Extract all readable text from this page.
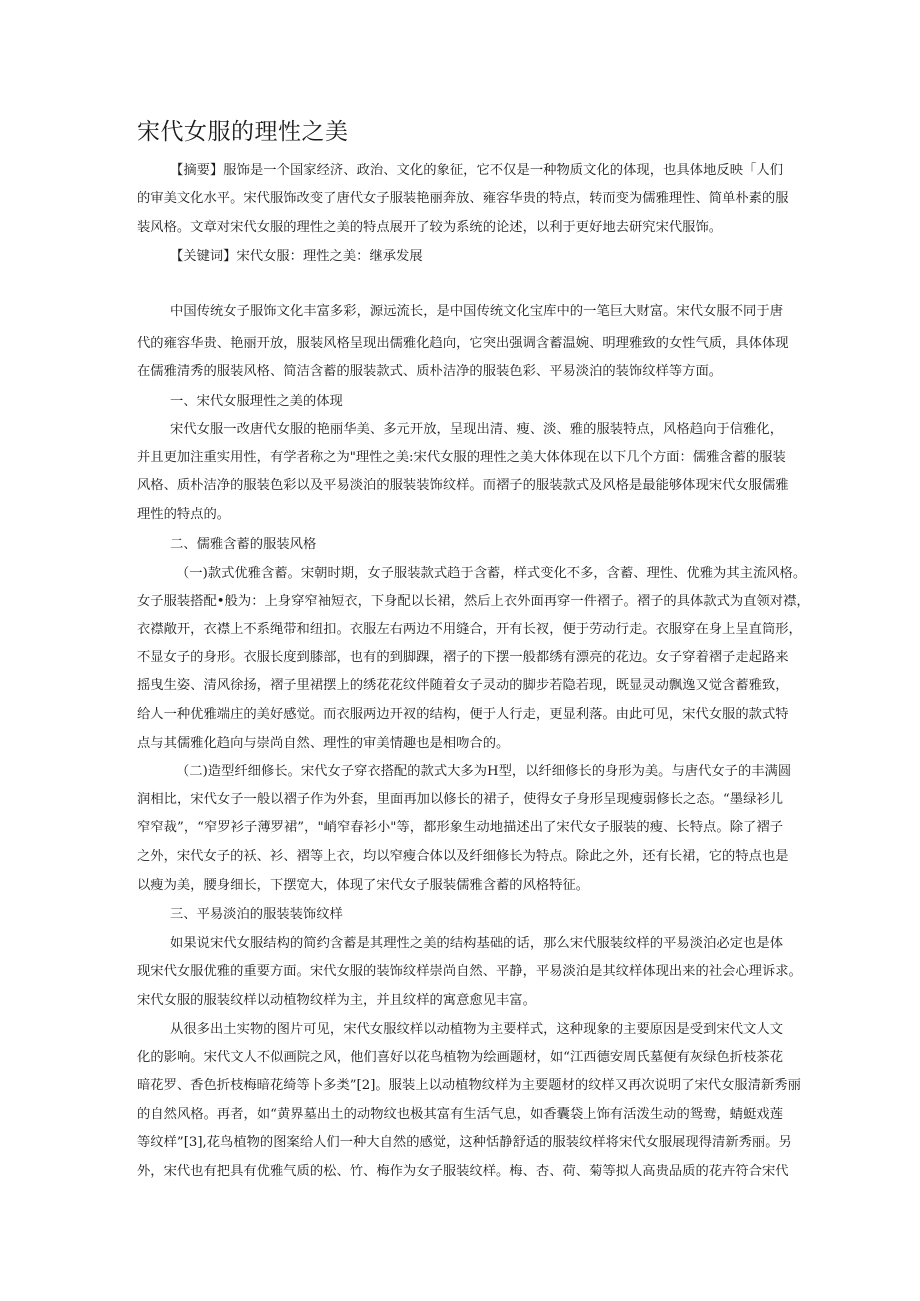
宋代女服的理性之美
【摘要】服饰是一个国家经济、政治、文化的象征，它不仅是一种物质文化的体现，也具体地反映「人们
的审美文化水平。宋代服饰改变了唐代女子服装艳丽奔放、雍容华贵的特点，转而变为儒雅理性、简单朴素的服
装风格。文章对宋代女服的理性之美的特点展开了较为系统的论述，以利于更好地去研究宋代服饰。
【关键词】宋代女服：理性之美：继承发展
中国传统女子服饰文化丰富多彩，源远流长，是中国传统文化宝库中的一笔巨大财富。宋代女服不同于唐
代的雍容华贵、艳丽开放，服装风格呈现出儒雅化趋向，它突出强调含蓄温婉、明理雅致的女性气质，具体体现
在儒雅清秀的服装风格、简洁含蓄的服装款式、质朴洁净的服装色彩、平易淡泊的装饰纹样等方面。
一、宋代女服理性之美的体现
宋代女服一改唐代女服的艳丽华美、多元开放，呈现出清、瘦、淡、雅的服装特点，风格趋向于信雅化，
并且更加注重实用性，有学者称之为"理性之美:宋代女服的理性之美大体体现在以下几个方面：儒雅含蓄的服装
风格、质朴洁净的服装色彩以及平易淡泊的服装装饰纹样。而褶子的服装款式及风格是最能够体现宋代女服儒雅
理性的特点的。
二、儒雅含蓄的服装风格
（一)款式优雅含蓄。宋朝时期，女子服装款式趋于含蓄，样式变化不多，含蓄、理性、优雅为其主流风格。
女子服装搭配•般为：上身穿窄袖短衣，下身配以长裙，然后上衣外面再穿一件褶子。褶子的具体款式为直领对襟，
衣襟敞开，衣襟上不系绳带和纽扣。衣服左右两边不用缝合，开有长衩，便于劳动行走。衣服穿在身上呈直筒形，
不显女子的身形。衣服长度到膝部，也有的到脚踝，褶子的下摆一般都绣有漂亮的花边。女子穿着褶子走起路来
摇曳生姿、清风徐扬，褶子里裙摆上的绣花花纹伴随着女子灵动的脚步若隐若现，既显灵动飘逸又觉含蓄雅致，
给人一种优雅端庄的美好感觉。而衣服两边开衩的结构，便于人行走，更显利落。由此可见，宋代女服的款式特
点与其儒雅化趋向与崇尚自然、理性的审美情趣也是相吻合的。
（二)造型纤细修长。宋代女子穿衣搭配的款式大多为H型，以纤细修长的身形为美。与唐代女子的丰满圆
润相比，宋代女子一般以褶子作为外套，里面再加以修长的裙子，使得女子身形呈现瘦弱修长之态。“墨绿衫儿
窄窄裁”，“窄罗衫子薄罗裙”，"峭窄春衫小"等，都形象生动地描述出了宋代女子服装的瘦、长特点。除了褶子
之外，宋代女子的袄、衫、褶等上衣，均以窄瘦合体以及纤细修长为特点。除此之外，还有长裙，它的特点也是
以瘦为美，腰身细长，下摆宽大，体现了宋代女子服装儒雅含蓄的风格特征。
三、平易淡泊的服装装饰纹样
如果说宋代女服结构的简约含蓄是其理性之美的结构基础的话，那么宋代服装纹样的平易淡泊必定也是体
现宋代女服优雅的重要方面。宋代女服的装饰纹样崇尚自然、平静，平易淡泊是其纹样体现出来的社会心理诉求。
宋代女服的服装纹样以动植物纹样为主，并且纹样的寓意愈见丰富。
从很多出土实物的图片可见，宋代女服纹样以动植物为主要样式，这种现象的主要原因是受到宋代文人文
化的影响。宋代文人不似画院之风，他们喜好以花鸟植物为绘画题材，如“江西德安周氏墓便有灰绿色折枝茶花
暗花罗、香色折枝梅暗花绮等卜多类”[2]。服装上以动植物纹样为主要题材的纹样又再次说明了宋代女服清新秀丽
的自然风格。再者，如“黄界墓出土的动物纹也极其富有生活气息，如香囊袋上饰有活泼生动的鸳鸯，蜻蜓戏莲
等纹样”[3],花鸟植物的图案给人们一种大自然的感觉，这种恬静舒适的服装纹样将宋代女服展现得清新秀丽。另
外，宋代也有把具有优雅气质的松、竹、梅作为女子服装纹样。梅、杏、荷、菊等拟人高贵品质的花卉符合宋代
